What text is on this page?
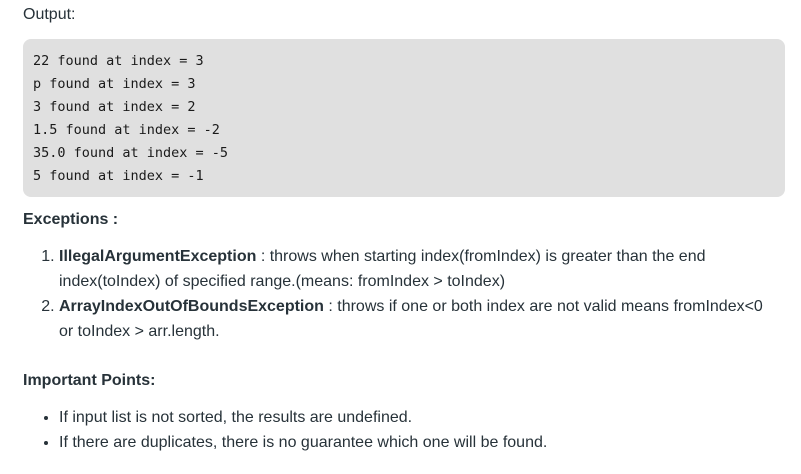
Output:
22 found at index = 3
p found at index = 3
3 found at index = 2
1.5 found at index = -2
35.0 found at index = -5
5 found at index = -1
Exceptions :
1. IllegalArgumentException : throws when starting index(fromIndex) is greater than the end index(toIndex) of specified range.(means: fromIndex > toIndex)
2. ArrayIndexOutOfBoundsException : throws if one or both index are not valid means fromIndex<0 or toIndex > arr.length.
Important Points:
• If input list is not sorted, the results are undefined.
• If there are duplicates, there is no guarantee which one will be found.
